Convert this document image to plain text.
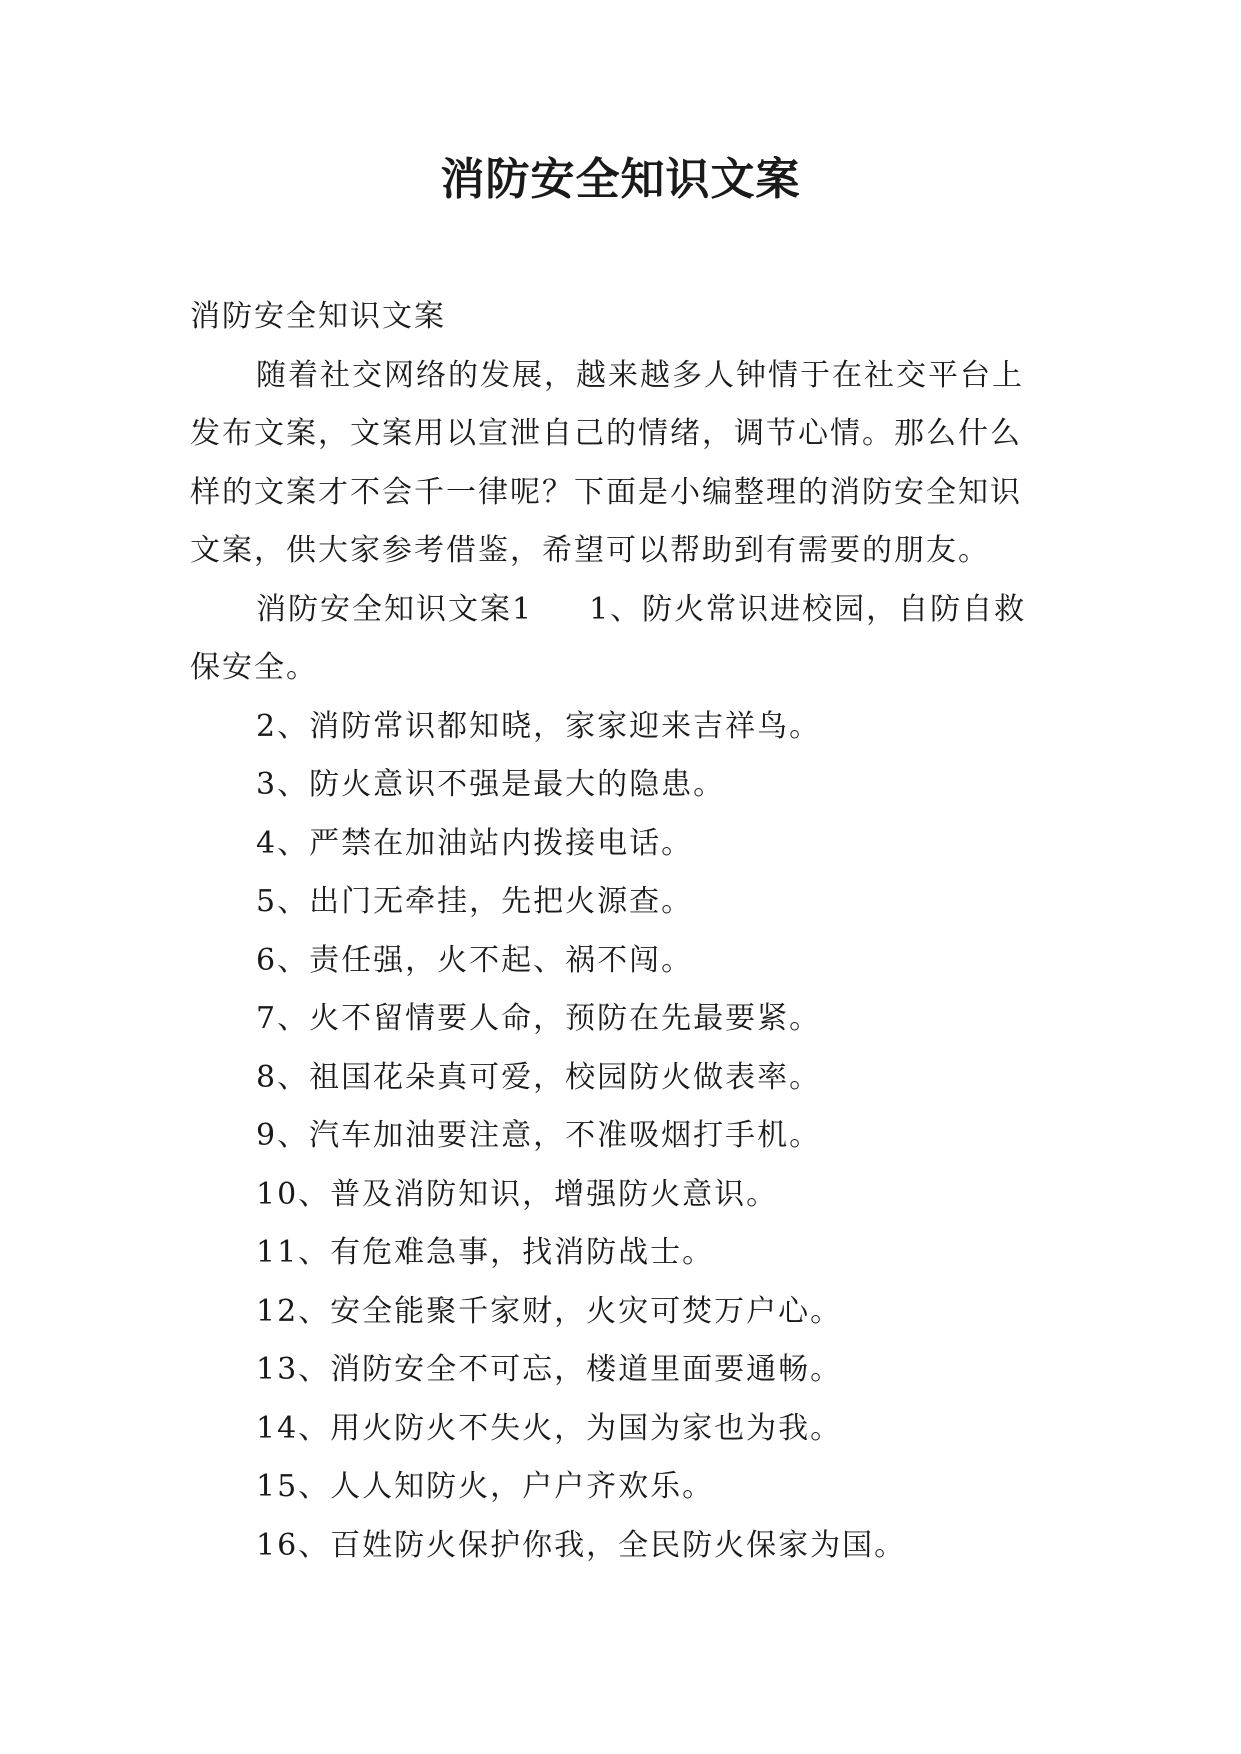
消防安全知识文案

消防安全知识文案

随着社交网络的发展，越来越多人钟情于在社交平台上发布文案，文案用以宣泄自己的情绪，调节心情。那么什么样的文案才不会千一律呢？下面是小编整理的消防安全知识文案，供大家参考借鉴，希望可以帮助到有需要的朋友。

消防安全知识文案1 1、防火常识进校园，自防自救保安全。

2、消防常识都知晓，家家迎来吉祥鸟。

3、防火意识不强是最大的隐患。

4、严禁在加油站内拨接电话。

5、出门无牵挂，先把火源查。

6、责任强，火不起、祸不闯。

7、火不留情要人命，预防在先最要紧。

8、祖国花朵真可爱，校园防火做表率。

9、汽车加油要注意，不准吸烟打手机。

10、普及消防知识，增强防火意识。

11、有危难急事，找消防战士。

12、安全能聚千家财，火灾可焚万户心。

13、消防安全不可忘，楼道里面要通畅。

14、用火防火不失火，为国为家也为我。

15、人人知防火，户户齐欢乐。

16、百姓防火保护你我，全民防火保家为国。
